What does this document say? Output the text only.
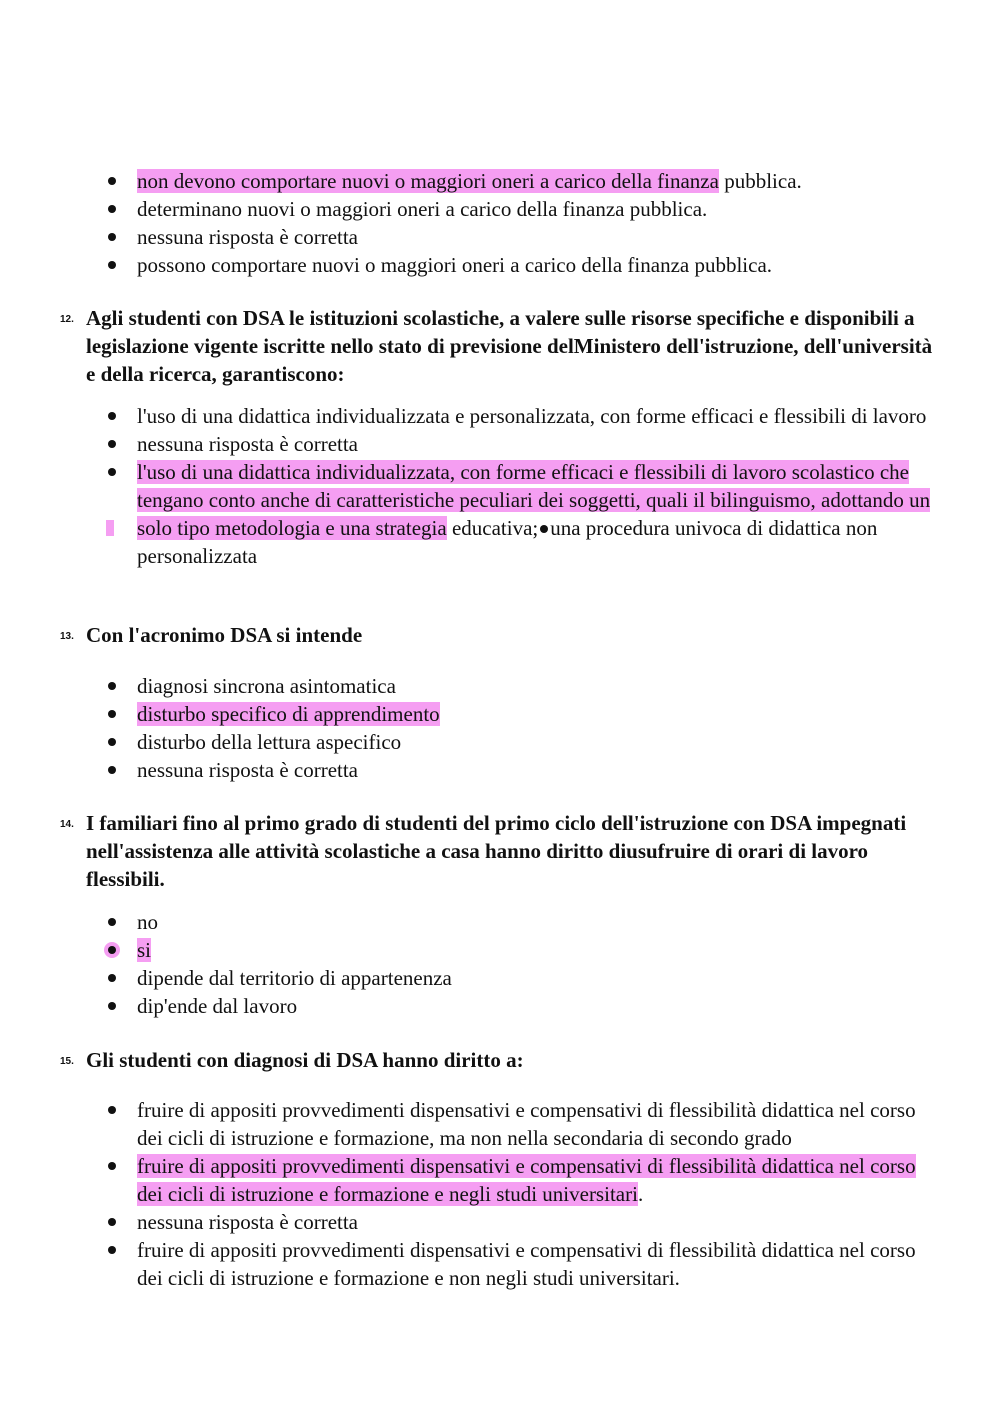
non devono comportare nuovi o maggiori oneri a carico della finanza pubblica.
determinano nuovi o maggiori oneri a carico della finanza pubblica.
nessuna risposta è corretta
possono comportare nuovi o maggiori oneri a carico della finanza pubblica.
12. Agli studenti con DSA le istituzioni scolastiche, a valere sulle risorse specifiche e disponibili a legislazione vigente iscritte nello stato di previsione delMinistero dell'istruzione, dell'università e della ricerca, garantiscono:
l'uso di una didattica individualizzata e personalizzata, con forme efficaci e flessibili di lavoro
nessuna risposta è corretta
l'uso di una didattica individualizzata, con forme efficaci e flessibili di lavoro scolastico che tengano conto anche di caratteristiche peculiari dei soggetti, quali il bilinguismo, adottando un solo tipo metodologia e una strategia educativa; una procedura univoca di didattica non personalizzata
13. Con l'acronimo DSA si intende
diagnosi sincrona asintomatica
disturbo specifico di apprendimento
disturbo della lettura aspecifico
nessuna risposta è corretta
14. I familiari fino al primo grado di studenti del primo ciclo dell'istruzione con DSA impegnati nell'assistenza alle attività scolastiche a casa hanno diritto diusufruire di orari di lavoro flessibili.
no
si
dipende dal territorio di appartenenza
dip'ende dal lavoro
15. Gli studenti con diagnosi di DSA hanno diritto a:
fruire di appositi provvedimenti dispensativi e compensativi di flessibilità didattica nel corso dei cicli di istruzione e formazione, ma non nella secondaria di secondo grado
fruire di appositi provvedimenti dispensativi e compensativi di flessibilità didattica nel corso dei cicli di istruzione e formazione e negli studi universitari.
nessuna risposta è corretta
fruire di appositi provvedimenti dispensativi e compensativi di flessibilità didattica nel corso dei cicli di istruzione e formazione e non negli studi universitari.
